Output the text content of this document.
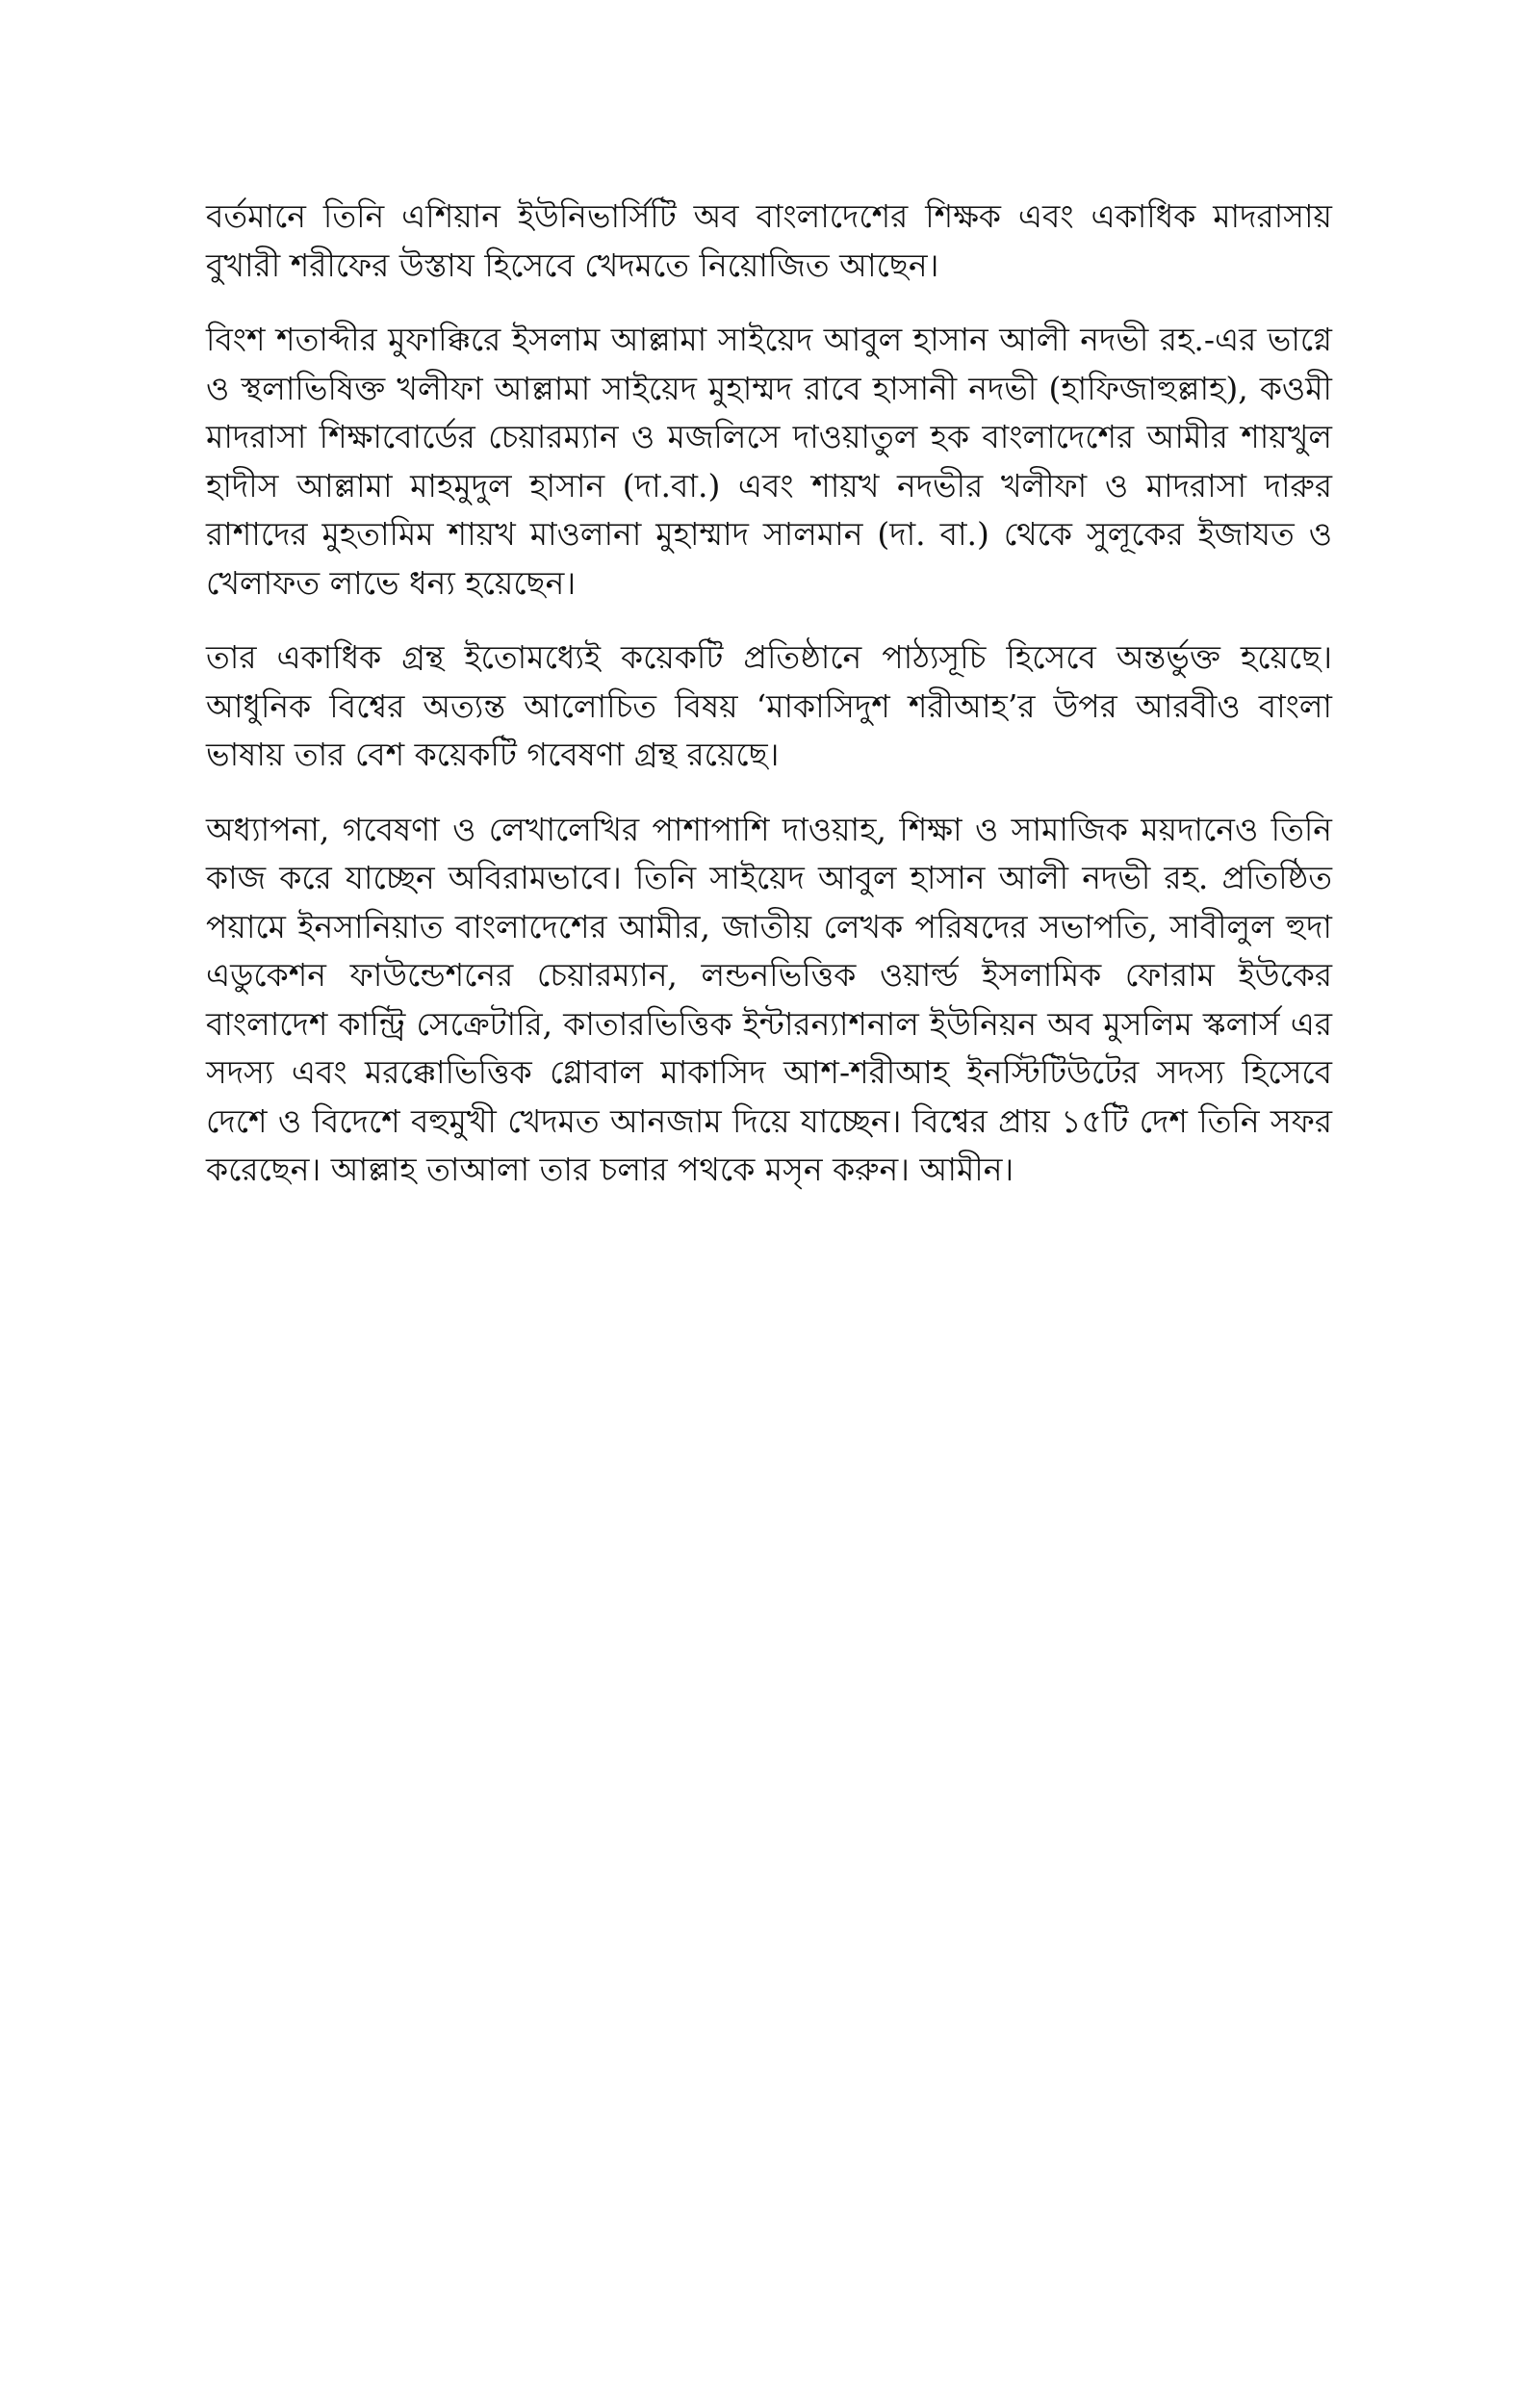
বর্তমানে তিনি এশিয়ান ইউনিভার্সিটি অব বাংলাদেশের শিক্ষক এবং একাধিক মাদরাসায় বুখারী শরীফের উস্তায হিসেবে খেদমতে নিয়োজিত আছেন।

বিংশ শতাব্দীর মুফাক্কিরে ইসলাম আল্লামা সাইয়েদ আবুল হাসান আলী নদভী রহ.-এর ভাগ্নে ও স্থলাভিষিক্ত খলীফা আল্লামা সাইয়েদ মুহাম্মদ রাবে হাসানী নদভী (হাফিজাহুল্লাহ), কওমী মাদরাসা শিক্ষাবোর্ডের চেয়ারম্যান ও মজলিসে দাওয়াতুল হক বাংলাদেশের আমীর শায়খুল হাদীস আল্লামা মাহমুদুল হাসান (দা.বা.) এবং শায়খ নদভীর খলীফা ও মাদরাসা দারুর রাশাদের মুহতামিম শায়খ মাওলানা মুহাম্মাদ সালমান (দা. বা.) থেকে সুলূকের ইজাযত ও খেলাফত লাভে ধন্য হয়েছেন।

তার একাধিক গ্রন্থ ইতোমধ্যেই কয়েকটি প্রতিষ্ঠানে পাঠ্যসূচি হিসেবে অন্তর্ভুক্ত হয়েছে। আধুনিক বিশ্বের অত্যন্ত আলোচিত বিষয় ‘মাকাসিদুশ শরীআহ’র উপর আরবীও বাংলা ভাষায় তার বেশ কয়েকটি গবেষণা গ্রন্থ রয়েছে।

অধ্যাপনা, গবেষণা ও লেখালেখির পাশাপাশি দাওয়াহ, শিক্ষা ও সামাজিক ময়দানেও তিনি কাজ করে যাচ্ছেন অবিরামভাবে। তিনি সাইয়েদ আবুল হাসান আলী নদভী রহ. প্রতিষ্ঠিত পয়ামে ইনসানিয়াত বাংলাদেশের আমীর, জাতীয় লেখক পরিষদের সভাপতি, সাবীলুল হুদা এডুকেশন ফাউন্ডেশনের চেয়ারম্যান, লন্ডনভিত্তিক ওয়ার্ল্ড ইসলামিক ফোরাম ইউকের বাংলাদেশ কান্ট্রি সেক্রেটারি, কাতারভিত্তিক ইন্টারন্যাশনাল ইউনিয়ন অব মুসলিম স্কলার্স এর সদস্য এবং মরক্কোভিত্তিক গ্লোবাল মাকাসিদ আশ-শরীআহ ইনস্টিটিউটের সদস্য হিসেবে দেশে ও বিদেশে বহুমুখী খেদমত আনজাম দিয়ে যাচ্ছেন। বিশ্বের প্রায় ১৫টি দেশ তিনি সফর করেছেন। আল্লাহ তাআলা তার চলার পথকে মসৃন করুন। আমীন।
